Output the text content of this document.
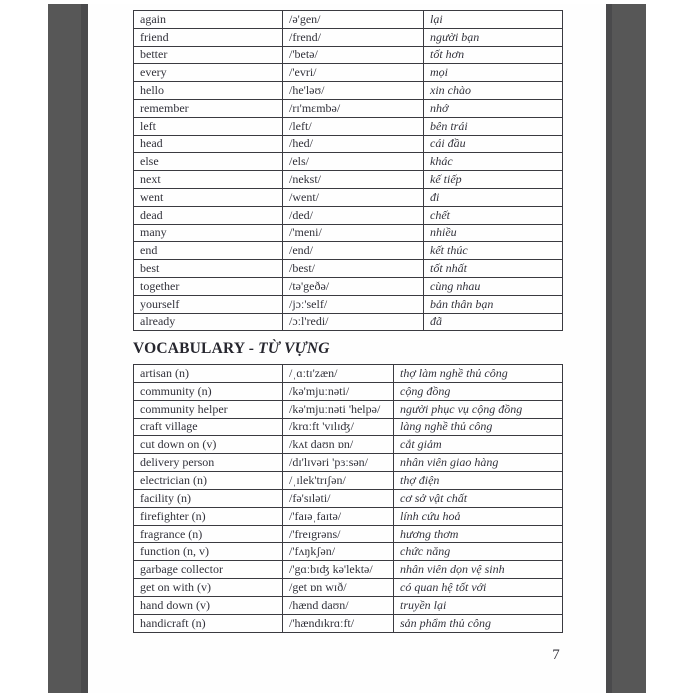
again	/ə'gen/	lại
friend	/frend/	người bạn
better	/'betə/	tốt hơn
every	/'evri/	mọi
hello	/he'ləʊ/	xin chào
remember	/rɪ'mɛmbə/	nhớ
left	/left/	bên trái
head	/hed/	cái đầu
else	/els/	khác
next	/nekst/	kế tiếp
went	/went/	đi
dead	/ded/	chết
many	/'meni/	nhiều
end	/end/	kết thúc
best	/best/	tốt nhất
together	/tə'geðə/	cùng nhau
yourself	/jɔː'self/	bản thân bạn
already	/ɔːl'redi/	đã
VOCABULARY - TỪ VỰNG
artisan (n)	/ˌɑːtɪ'zæn/	thợ làm nghề thủ công
community (n)	/kə'mjuːnəti/	cộng đồng
community helper	/kə'mjuːnəti 'helpə/	người phục vụ cộng đồng
craft village	/krɑːft 'vɪlɪʤ/	làng nghề thủ công
cut down on (v)	/kʌt daʊn ɒn/	cắt giảm
delivery person	/dɪ'lɪvəri 'pɜːsən/	nhân viên giao hàng
electrician (n)	/ˌɪlek'trɪʃən/	thợ điện
facility (n)	/fə'sɪləti/	cơ sở vật chất
firefighter (n)	/'faɪəˌfaɪtə/	lính cứu hoả
fragrance (n)	/'freɪgrəns/	hương thơm
function (n, v)	/'fʌŋkʃən/	chức năng
garbage collector	/'gɑːbɪʤ kə'lektə/	nhân viên dọn vệ sinh
get on with (v)	/get ɒn wɪð/	có quan hệ tốt với
hand down (v)	/hænd daʊn/	truyền lại
handicraft (n)	/'hændɪkrɑːft/	sản phẩm thủ công
7
